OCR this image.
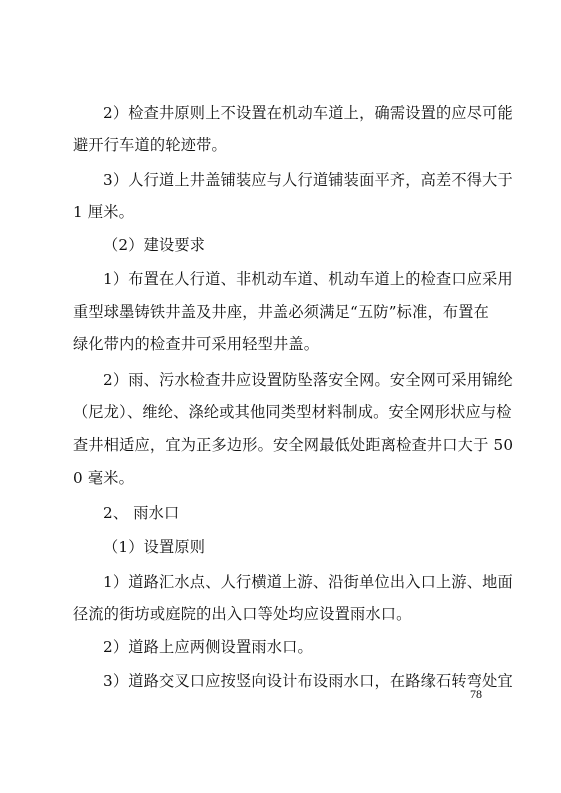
2）检查井原则上不设置在机动车道上，确需设置的应尽可能
避开行车道的轮迹带。
3）人行道上井盖铺装应与人行道铺装面平齐，高差不得大于
1 厘米。
（2）建设要求
1）布置在人行道、非机动车道、机动车道上的检查口应采用
重型球墨铸铁井盖及井座，井盖必须满足“五防”标准，布置在
绿化带内的检查井可采用轻型井盖。
2）雨、污水检查井应设置防坠落安全网。安全网可采用锦纶
（尼龙）、维纶、涤纶或其他同类型材料制成。安全网形状应与检
查井相适应，宜为正多边形。安全网最低处距离检查井口大于 50
0 毫米。
2、 雨水口
（1）设置原则
1）道路汇水点、人行横道上游、沿街单位出入口上游、地面
径流的街坊或庭院的出入口等处均应设置雨水口。
2）道路上应两侧设置雨水口。
3）道路交叉口应按竖向设计布设雨水口，在路缘石转弯处宜
78
